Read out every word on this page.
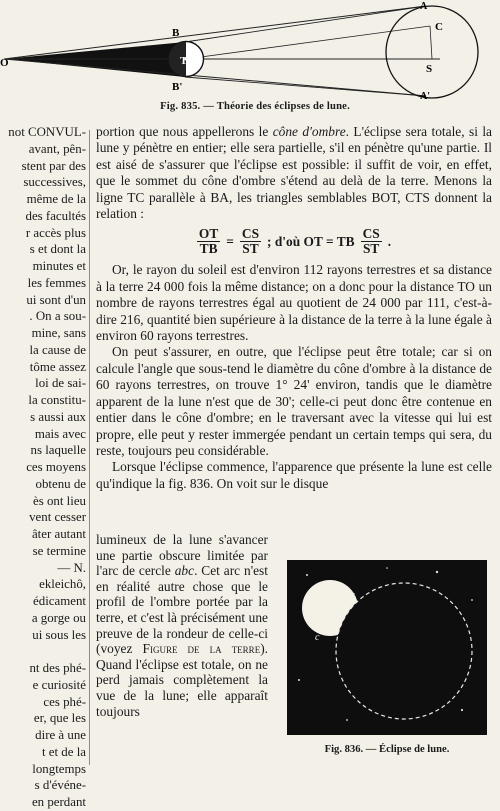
O
B
T
B'
C
S
A
A'
Fig. 835. — Théorie des éclipses de lune.
not CONVUL-
avant, pên-
stent par des
successives,
même de la
des facultés
r accès plus
s et dont la
minutes et
les femmes
ui sont d'un
. On a sou-
mine, sans
la cause de
tôme assez
loi de sai-
la constitu-
s aussi aux
mais avec
ns laquelle
ces moyens
obtenu de
ès ont lieu
vent cesser
âter autant
se termine
— N.
ekleichô,
édicament
a gorge ou
ui sous les
nt des phé-
e curiosité
ces phé-
er, que les
dire à une
t et de la
longtemps
s d'événe-
en perdant

portion que nous appellerons le cône d'ombre. L'éclipse sera totale, si la lune y pénètre en entier; elle sera partielle, s'il en pénètre qu'une partie. Il est aisé de s'assurer que l'éclipse est possible: il suffit de voir, en effet, que le sommet du cône d'ombre s'étend au delà de la terre. Menons la ligne TC parallèle à BA, les triangles semblables BOT, CTS donnent la relation :

$\frac{OT}{TB} = \frac{CS}{ST}$ ; d'où OT = TB $\frac{CS}{ST}$ .

Or, le rayon du soleil est d'environ 112 rayons terrestres et sa distance à la terre 24 000 fois la même distance; on a donc pour la distance TO un nombre de rayons terrestres égal au quotient de 24 000 par 111, c'est-à-dire 216, quantité bien supérieure à la distance de la terre à la lune égale à environ 60 rayons terrestres.

On peut s'assurer, en outre, que l'éclipse peut être totale; car si on calcule l'angle que sous-tend le diamètre du cône d'ombre à la distance de 60 rayons terrestres, on trouve 1° 24' environ, tandis que le diamètre apparent de la lune n'est que de 30'; celle-ci peut donc être contenue en entier dans le cône d'ombre; en le traversant avec la vitesse qui lui est propre, elle peut y rester immergée pendant un certain temps qui sera, du reste, toujours peu considérable.

Lorsque l'éclipse commence, l'apparence que présente la lune est celle qu'indique la fig. 836. On voit sur le disque

lumineux de la lune s'avancer une partie obscure limitée par l'arc de cercle abc. Cet arc n'est en réalité autre chose que le profil de l'ombre portée par la terre, et c'est là précisément une preuve de la rondeur de celle-ci (voyez Figure de la terre). Quand l'éclipse est totale, on ne perd jamais complètement la vue de la lune; elle apparaît toujours

a
b
c
Fig. 836. — Éclipse de lune.
